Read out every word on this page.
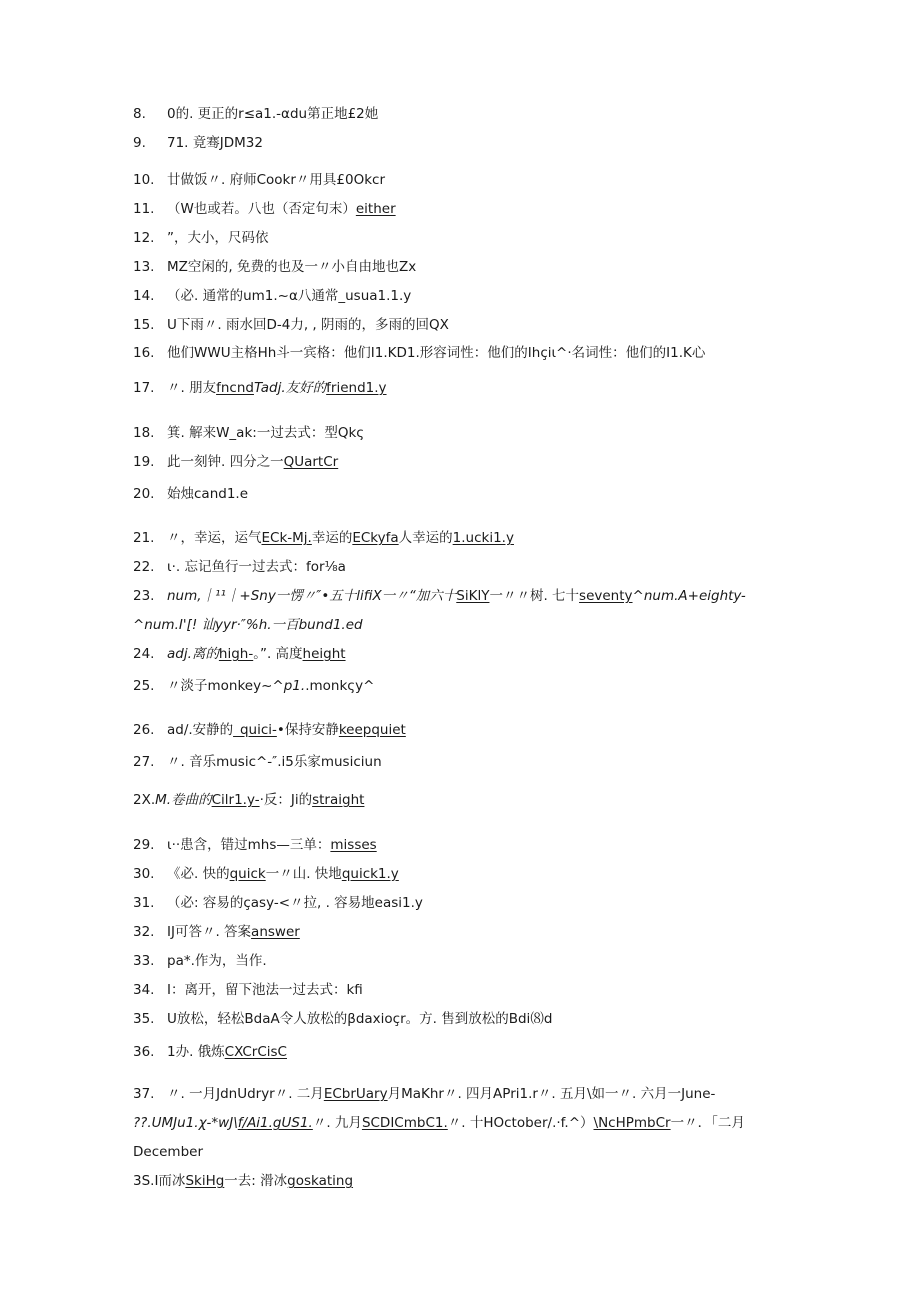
8. 0的. 更正的r≤a1.-αdu第正地£2她
9. 71. 竟骞JDM32
10. 廿做饭〃. 府师Cookr〃用具£0Okcr
11. （W也或若。八也（否定句末）either
12. ”，大小，尺码依
13. MZ空闲的, 免费的也及一〃小自由地也Zx
14. （必. 通常的um1.~α八通常_usua1.1.y
15. U下雨〃. 雨水回D-4力, , 阴雨的，多雨的回QX
16. 他们WWU主格Hh斗一宾格：他们I1.KD1.形容词性：他们的Ihçiι^·名词性：他们的I1.K心
17. 〃. 朋友fncndTadj.友好的friend1.y
18. 箕. 解来W_ak:一过去式：型Qkς
19. 此一刻钟. 四分之一QUartCr
20. 始烛cand1.e
21. 〃，幸运，运气ECk-Mj.幸运的ECkyfa人幸运的1.ucki1.y
22. ι·. 忘记鱼行一过去式：for⅛a
23. num,｜¹¹｜+Sny一愣〃″•五十lifiX一〃“加六十SiKlY一〃〃树. 七十seventy^num.A+eighty-
^num.I'[! 讪yyr·″%h.一百bund1.ed
24. adj.离的high-。”. 高度height
25. 〃淡子monkey~^p1..monkςy^
26. ad∕.安静的_quici-•保持安静keepquiet
27. 〃. 音乐music^-″.i5乐家musiciun
2X.M.卷曲的Cilr1.y-·反：Ji的straight
29. ι··患含，错过mhs—三单：misses
30. 《必. 快的quick一〃山. 快地quick1.y
31. （必: 容易的çasy-<〃拉, . 容易地easi1.y
32. IJ可答〃. 答案answer
33. pa*.作为，当作.
34. I：离开，留下池法一过去式：kfi
35. U放松，轻松BdaA令人放松的βdaxioçr。方. 售到放松的Bdi⑻d
36. 1办. 俄炼CXCrCisC
37. 〃. 一月JdnUdryr〃. 二月ECbrUary月MaKhr〃. 四月APri1.r〃. 五月\如一〃. 六月一June-
??.UMJu1.χ-*wJ\f∕Ai1.gUS1.〃. 九月SCDICmbC1.〃. 十HOctober∕.·f.^）\NcHPmbCr一〃．「二月
December
3S.I而冰SkiHg一去: 滑冰goskating
